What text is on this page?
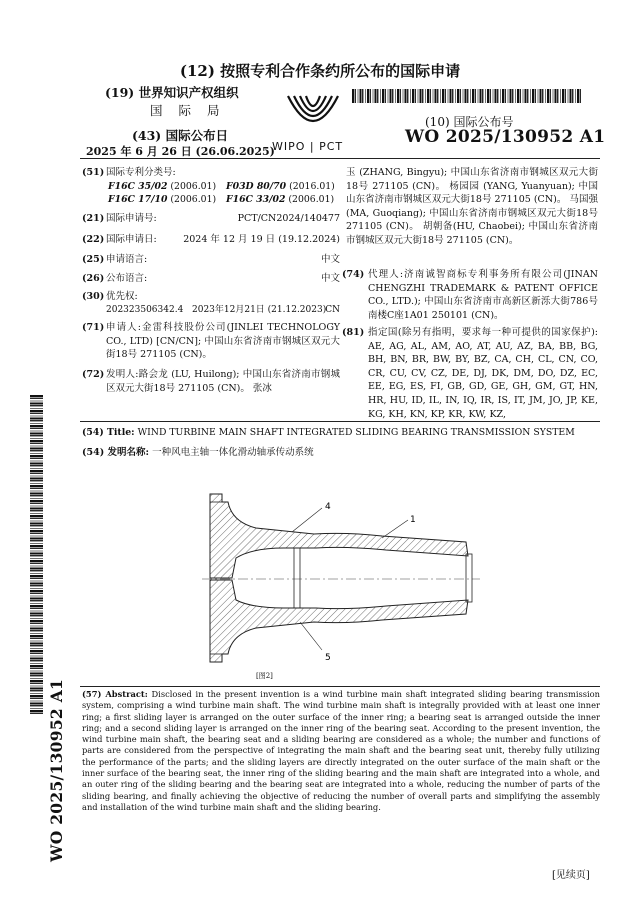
(12) 按照专利合作条约所公布的国际申请
(19) 世界知识产权组织
国 际 局
(43) 国际公布日
2025 年 6 月 26 日 (26.06.2025)
WIPO | PCT
(10) 国际公布号
WO 2025/130952 A1
WO 2025/130952 A1
(51) 国际专利分类号:
F16C 35/02 (2006.01)	F03D 80/70 (2016.01)
F16C 17/10 (2006.01)	F16C 33/02 (2006.01)
(21) 国际申请号:	PCT/CN2024/140477
(22) 国际申请日:	2024 年 12 月 19 日 (19.12.2024)
(25) 申请语言:	中文
(26) 公布语言:	中文
(30) 优先权:
202323506342.4 2023年12月21日 (21.12.2023) CN
(71) 申请人:金雷科技股份公司(JINLEI TECHNOLOGY CO., LTD) [CN/CN]; 中国山东省济南市钢城区双元大街18号 271105 (CN)。
(72) 发明人:路会龙 (LU, Huilong); 中国山东省济南市钢城区双元大街18号 271105 (CN)。 张冰
玉 (ZHANG, Bingyu); 中国山东省济南市钢城区双元大街18号 271105 (CN)。 杨园园 (YANG, Yuanyuan); 中国山东省济南市钢城区双元大街18号 271105 (CN)。 马国强(MA, Guoqiang); 中国山东省济南市钢城区双元大街18号 271105 (CN)。 胡朝备(HU, Chaobei); 中国山东省济南市钢城区双元大街18号 271105 (CN)。
(74) 代理人:济南诚智商标专利事务所有限公司(JINAN CHENGZHI TRADEMARK & PATENT OFFICE CO., LTD.); 中国山东省济南市高新区新泺大街786号南楼C座1A01 250101 (CN)。
(81) 指定国(除另有指明，要求每一种可提供的国家保护): AE, AG, AL, AM, AO, AT, AU, AZ, BA, BB, BG, BH, BN, BR, BW, BY, BZ, CA, CH, CL, CN, CO, CR, CU, CV, CZ, DE, DJ, DK, DM, DO, DZ, EC, EE, EG, ES, FI, GB, GD, GE, GH, GM, GT, HN, HR, HU, ID, IL, IN, IQ, IR, IS, IT, JM, JO, JP, KE, KG, KH, KN, KP, KR, KW, KZ,
(54) Title: WIND TURBINE MAIN SHAFT INTEGRATED SLIDING BEARING TRANSMISSION SYSTEM
(54) 发明名称: 一种风电主轴一体化滑动轴承传动系统
4
1
5
[图2]
(57) Abstract: Disclosed in the present invention is a wind turbine main shaft integrated sliding bearing transmission system, comprising a wind turbine main shaft. The wind turbine main shaft is integrally provided with at least one inner ring; a first sliding layer is arranged on the outer surface of the inner ring; a bearing seat is arranged outside the inner ring; and a second sliding layer is arranged on the inner ring of the bearing seat. According to the present invention, the wind turbine main shaft, the bearing seat and a sliding bearing are considered as a whole; the number and functions of parts are considered from the perspective of integrating the main shaft and the bearing seat unit, thereby fully utilizing the performance of the parts; and the sliding layers are directly integrated on the outer surface of the main shaft or the inner surface of the bearing seat, the inner ring of the sliding bearing and the main shaft are integrated into a whole, and an outer ring of the sliding bearing and the bearing seat are integrated into a whole, reducing the number of parts of the sliding bearing, and finally achieving the objective of reducing the number of overall parts and simplifying the assembly and installation of the wind turbine main shaft and the sliding bearing.
[见续页]
